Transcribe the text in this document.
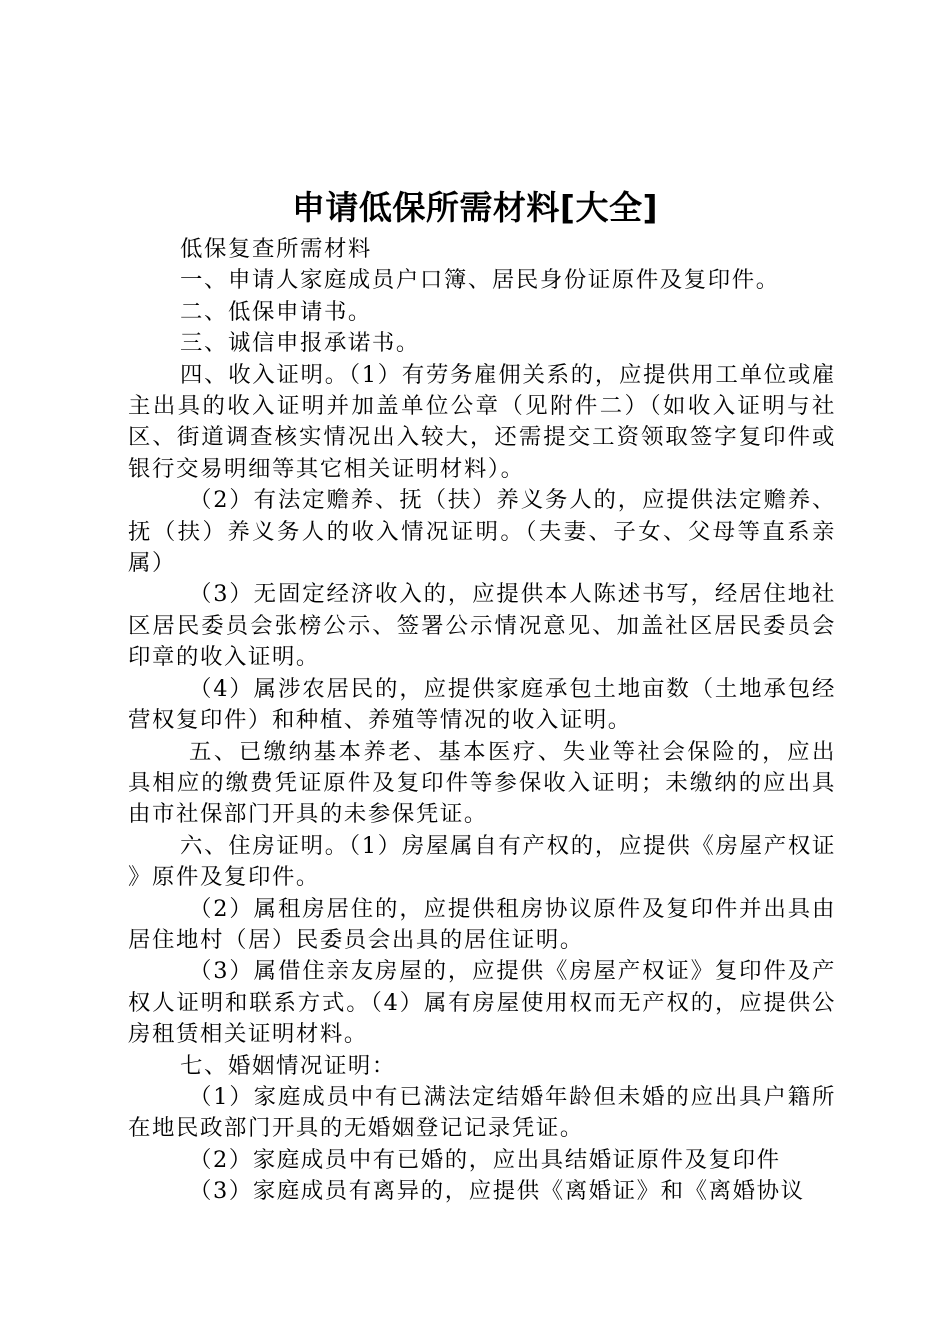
申请低保所需材料[大全]

低保复查所需材料

一、申请人家庭成员户口簿、居民身份证原件及复印件。

二、低保申请书。

三、诚信申报承诺书。

四、收入证明。（1）有劳务雇佣关系的，应提供用工单位或雇主出具的收入证明并加盖单位公章（见附件二）（如收入证明与社区、街道调查核实情况出入较大，还需提交工资领取签字复印件或银行交易明细等其它相关证明材料）。

（2）有法定赡养、抚（扶）养义务人的，应提供法定赡养、抚（扶）养义务人的收入情况证明。（夫妻、子女、父母等直系亲属）

（3）无固定经济收入的，应提供本人陈述书写，经居住地社区居民委员会张榜公示、签署公示情况意见、加盖社区居民委员会印章的收入证明。

（4）属涉农居民的，应提供家庭承包土地亩数（土地承包经营权复印件）和种植、养殖等情况的收入证明。

五、已缴纳基本养老、基本医疗、失业等社会保险的，应出具相应的缴费凭证原件及复印件等参保收入证明；未缴纳的应出具由市社保部门开具的未参保凭证。

六、住房证明。（1）房屋属自有产权的，应提供《房屋产权证》原件及复印件。

（2）属租房居住的，应提供租房协议原件及复印件并出具由居住地村（居）民委员会出具的居住证明。

（3）属借住亲友房屋的，应提供《房屋产权证》复印件及产权人证明和联系方式。（4）属有房屋使用权而无产权的，应提供公房租赁相关证明材料。

七、婚姻情况证明：

（1）家庭成员中有已满法定结婚年龄但未婚的应出具户籍所在地民政部门开具的无婚姻登记记录凭证。

（2）家庭成员中有已婚的，应出具结婚证原件及复印件

（3）家庭成员有离异的，应提供《离婚证》和《离婚协议
